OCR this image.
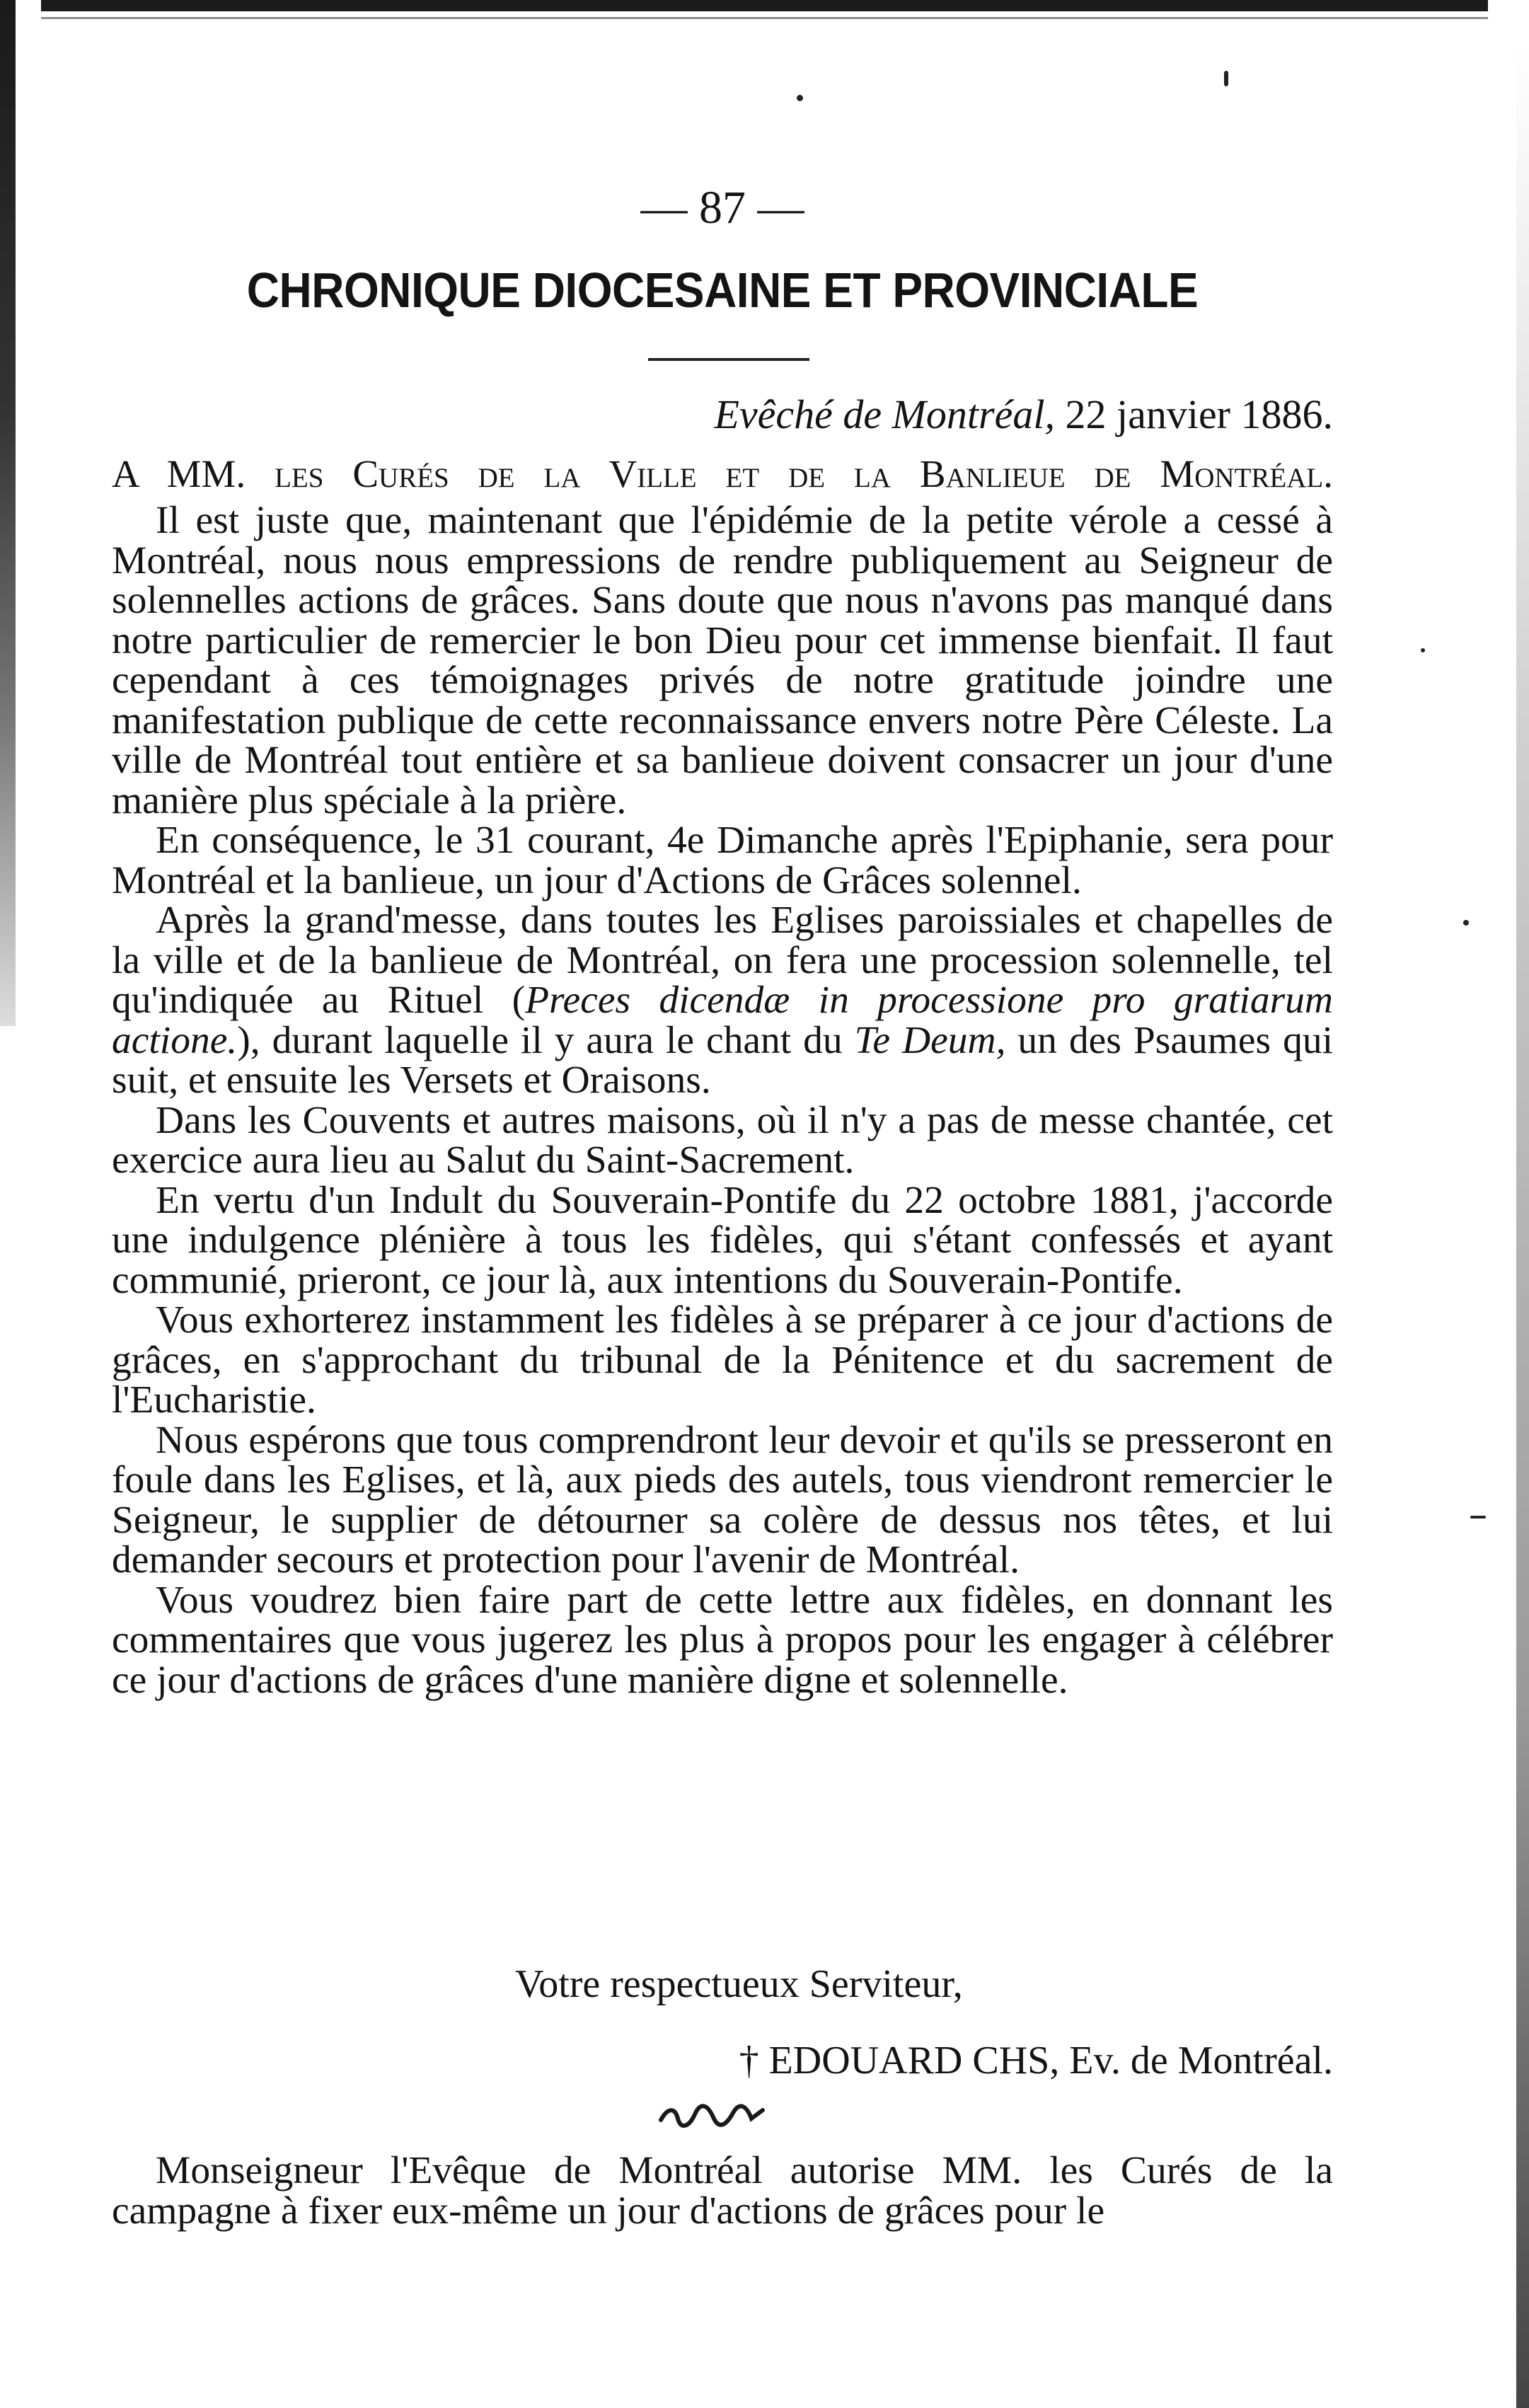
— 87 —
CHRONIQUE DIOCESAINE ET PROVINCIALE
Evêché de Montréal, 22 janvier 1886.
A MM. les Curés de la Ville et de la Banlieue de Montréal.

Il est juste que, maintenant que l'épidémie de la petite vérole a cessé à Montréal, nous nous empressions de rendre publiquement au Seigneur de solennelles actions de grâces. Sans doute que nous n'avons pas manqué dans notre particulier de remercier le bon Dieu pour cet immense bienfait. Il faut cependant à ces témoignages privés de notre gratitude joindre une manifestation publique de cette reconnaissance envers notre Père Céleste. La ville de Montréal tout entière et sa banlieue doivent consacrer un jour d'une manière plus spéciale à la prière.

En conséquence, le 31 courant, 4e Dimanche après l'Epiphanie, sera pour Montréal et la banlieue, un jour d'Actions de Grâces solennel.

Après la grand'messe, dans toutes les Eglises paroissiales et chapelles de la ville et de la banlieue de Montréal, on fera une procession solennelle, tel qu'indiquée au Rituel (Preces dicendæ in processione pro gratiarum actione.), durant laquelle il y aura le chant du Te Deum, un des Psaumes qui suit, et ensuite les Versets et Oraisons.

Dans les Couvents et autres maisons, où il n'y a pas de messe chantée, cet exercice aura lieu au Salut du Saint-Sacrement.

En vertu d'un Indult du Souverain-Pontife du 22 octobre 1881, j'accorde une indulgence plénière à tous les fidèles, qui s'étant confessés et ayant communié, prieront, ce jour là, aux intentions du Souverain-Pontife.

Vous exhorterez instamment les fidèles à se préparer à ce jour d'actions de grâces, en s'approchant du tribunal de la Pénitence et du sacrement de l'Eucharistie.

Nous espérons que tous comprendront leur devoir et qu'ils se presseront en foule dans les Eglises, et là, aux pieds des autels, tous viendront remercier le Seigneur, le supplier de détourner sa colère de dessus nos têtes, et lui demander secours et protection pour l'avenir de Montréal.

Vous voudrez bien faire part de cette lettre aux fidèles, en donnant les commentaires que vous jugerez les plus à propos pour les engager à célébrer ce jour d'actions de grâces d'une manière digne et solennelle.

Votre respectueux Serviteur,
† EDOUARD CHS, Ev. de Montréal.

Monseigneur l'Evêque de Montréal autorise MM. les Curés de la campagne à fixer eux-même un jour d'actions de grâces pour le
